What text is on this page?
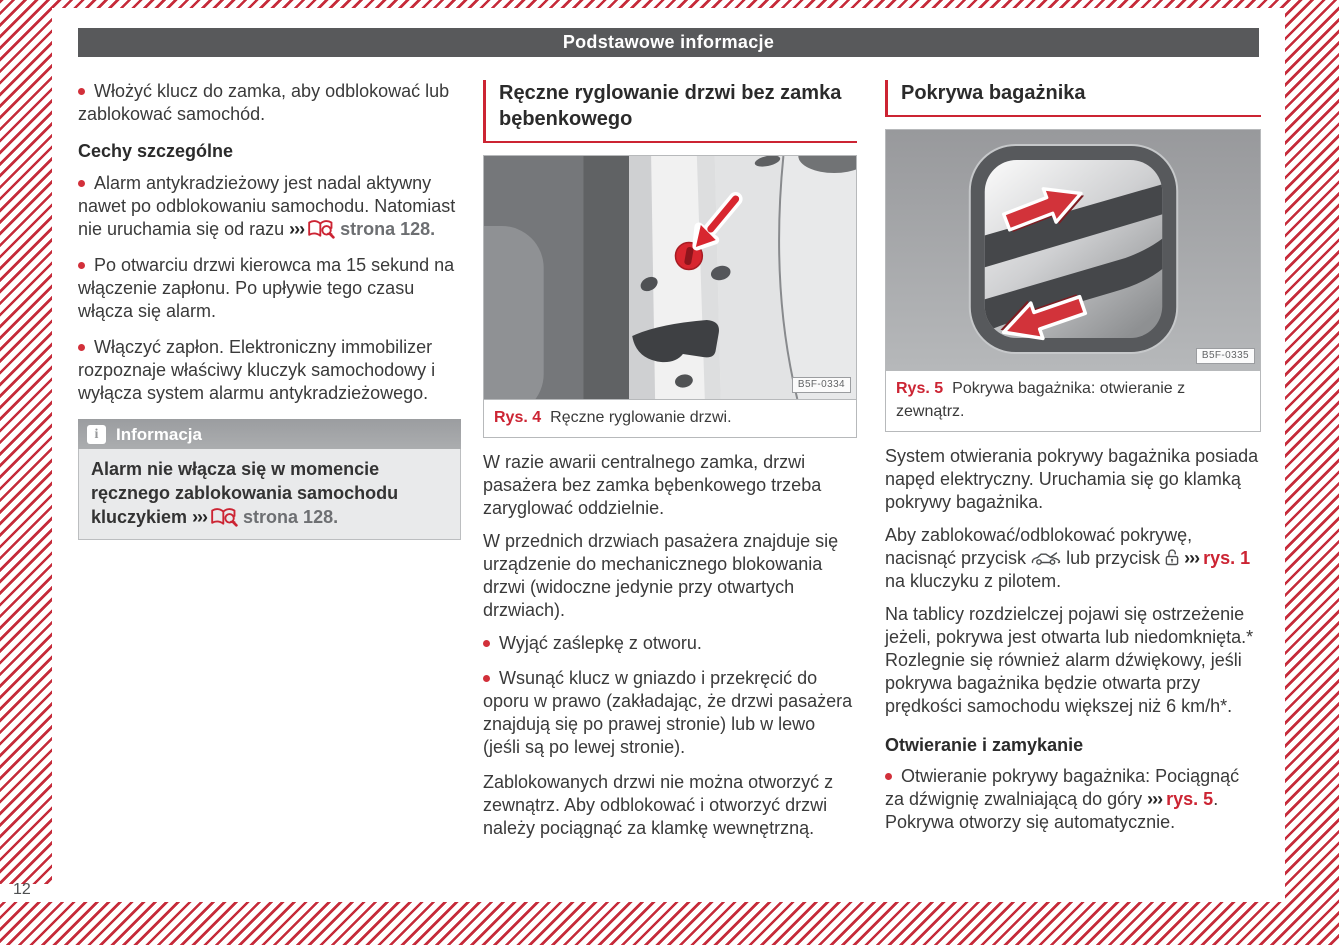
Podstawowe informacje

Włożyć klucz do zamka, aby odblokować lub zablokować samochód.

Cechy szczególne

Alarm antykradzieżowy jest nadal aktywny nawet po odblokowaniu samochodu. Natomiast nie uruchamia się od razu ›››  strona 128.

Po otwarciu drzwi kierowca ma 15 sekund na włączenie zapłonu. Po upływie tego czasu włącza się alarm.

Włączyć zapłon. Elektroniczny immobilizer rozpoznaje właściwy kluczyk samochodowy i wyłącza system alarmu antykradzieżowego.

i Informacja
Alarm nie włącza się w momencie ręcznego zablokowania samochodu kluczykiem ›››  strona 128.
Ręczne ryglowanie drzwi bez zamka bębenkowego
B5F-0334
Rys. 4 Ręczne ryglowanie drzwi.

W razie awarii centralnego zamka, drzwi pasażera bez zamka bębenkowego trzeba zaryglować oddzielnie.

W przednich drzwiach pasażera znajduje się urządzenie do mechanicznego blokowania drzwi (widoczne jedynie przy otwartych drzwiach).

Wyjąć zaślepkę z otworu.

Wsunąć klucz w gniazdo i przekręcić do oporu w prawo (zakładając, że drzwi pasażera znajdują się po prawej stronie) lub w lewo (jeśli są po lewej stronie).

Zablokowanych drzwi nie można otworzyć z zewnątrz. Aby odblokować i otworzyć drzwi należy pociągnąć za klamkę wewnętrzną.

Pokrywa bagażnika
B5F-0335
Rys. 5 Pokrywa bagażnika: otwieranie z zewnątrz.

System otwierania pokrywy bagażnika posiada napęd elektryczny. Uruchamia się go klamką pokrywy bagażnika.

Aby zablokować/odblokować pokrywę, nacisnąć przycisk  lub przycisk  ››› rys. 1 na kluczyku z pilotem.

Na tablicy rozdzielczej pojawi się ostrzeżenie jeżeli, pokrywa jest otwarta lub niedomknięta.* Rozlegnie się również alarm dźwiękowy, jeśli pokrywa bagażnika będzie otwarta przy prędkości samochodu większej niż 6 km/h*.

Otwieranie i zamykanie

Otwieranie pokrywy bagażnika: Pociągnąć za dźwignię zwalniającą do góry ››› rys. 5. Pokrywa otworzy się automatycznie.

12
